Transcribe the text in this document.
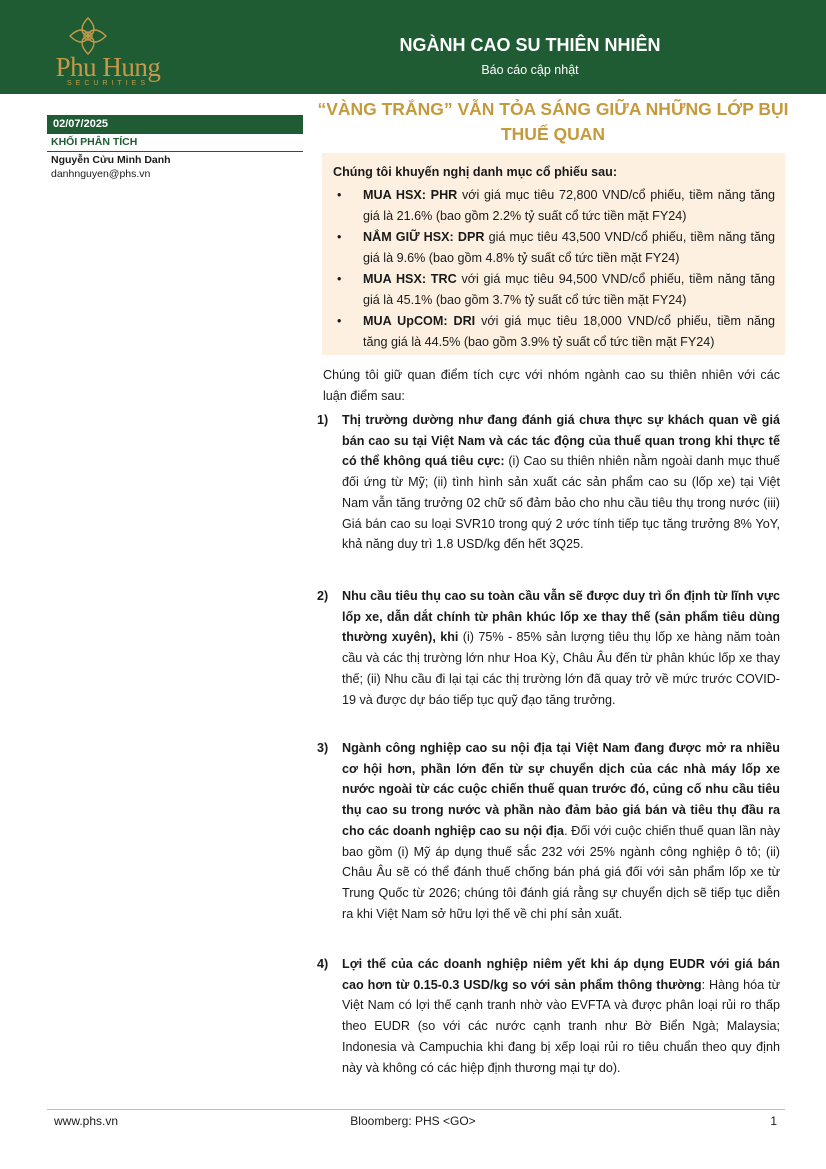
Phu Hung
SECURITIES
NGÀNH CAO SU THIÊN NHIÊN
Báo cáo cập nhật
02/07/2025
KHỐI PHÂN TÍCH
Nguyễn Cửu Minh Danh
danhnguyen@phs.vn
“VÀNG TRẮNG” VẪN TỎA SÁNG GIỮA NHỮNG LỚP BỤI THUẾ QUAN
Chúng tôi khuyến nghị danh mục cổ phiếu sau:
• MUA HSX: PHR với giá mục tiêu 72,800 VND/cổ phiếu, tiềm năng tăng giá là 21.6% (bao gồm 2.2% tỷ suất cổ tức tiền mặt FY24)
• NẮM GIỮ HSX: DPR giá mục tiêu 43,500 VND/cổ phiếu, tiềm năng tăng giá là 9.6% (bao gồm 4.8% tỷ suất cổ tức tiền mặt FY24)
• MUA HSX: TRC với giá mục tiêu 94,500 VND/cổ phiếu, tiềm năng tăng giá là 45.1% (bao gồm 3.7% tỷ suất cổ tức tiền mặt FY24)
• MUA UpCOM: DRI với giá mục tiêu 18,000 VND/cổ phiếu, tiềm năng tăng giá là 44.5% (bao gồm 3.9% tỷ suất cổ tức tiền mặt FY24)
Chúng tôi giữ quan điểm tích cực với nhóm ngành cao su thiên nhiên với các luận điểm sau:
1) Thị trường dường như đang đánh giá chưa thực sự khách quan về giá bán cao su tại Việt Nam và các tác động của thuế quan trong khi thực tế có thể không quá tiêu cực: (i) Cao su thiên nhiên nằm ngoài danh mục thuế đối ứng từ Mỹ; (ii) tình hình sản xuất các sản phẩm cao su (lốp xe) tại Việt Nam vẫn tăng trưởng 02 chữ số đảm bảo cho nhu cầu tiêu thụ trong nước (iii) Giá bán cao su loại SVR10 trong quý 2 ước tính tiếp tục tăng trưởng 8% YoY, khả năng duy trì 1.8 USD/kg đến hết 3Q25.
2) Nhu cầu tiêu thụ cao su toàn cầu vẫn sẽ được duy trì ổn định từ lĩnh vực lốp xe, dẫn dắt chính từ phân khúc lốp xe thay thế (sản phẩm tiêu dùng thường xuyên), khi (i) 75% - 85% sản lượng tiêu thụ lốp xe hàng năm toàn cầu và các thị trường lớn như Hoa Kỳ, Châu Âu đến từ phân khúc lốp xe thay thế; (ii) Nhu cầu đi lại tại các thị trường lớn đã quay trở về mức trước COVID-19 và được dự báo tiếp tục quỹ đạo tăng trưởng.
3) Ngành công nghiệp cao su nội địa tại Việt Nam đang được mở ra nhiều cơ hội hơn, phần lớn đến từ sự chuyển dịch của các nhà máy lốp xe nước ngoài từ các cuộc chiến thuế quan trước đó, củng cố nhu cầu tiêu thụ cao su trong nước và phần nào đảm bảo giá bán và tiêu thụ đầu ra cho các doanh nghiệp cao su nội địa. Đối với cuộc chiến thuế quan lần này bao gồm (i) Mỹ áp dụng thuế sắc 232 với 25% ngành công nghiệp ô tô; (ii) Châu Âu sẽ có thể đánh thuế chống bán phá giá đối với sản phẩm lốp xe từ Trung Quốc từ 2026; chúng tôi đánh giá rằng sự chuyển dịch sẽ tiếp tục diễn ra khi Việt Nam sở hữu lợi thế về chi phí sản xuất.
4) Lợi thế của các doanh nghiệp niêm yết khi áp dụng EUDR với giá bán cao hơn từ 0.15-0.3 USD/kg so với sản phẩm thông thường: Hàng hóa từ Việt Nam có lợi thế cạnh tranh nhờ vào EVFTA và được phân loại rủi ro thấp theo EUDR (so với các nước cạnh tranh như Bờ Biển Ngà; Malaysia; Indonesia và Campuchia khi đang bị xếp loại rủi ro tiêu chuẩn theo quy định này và không có các hiệp định thương mại tự do).
www.phs.vn	Bloomberg: PHS <GO>	1
